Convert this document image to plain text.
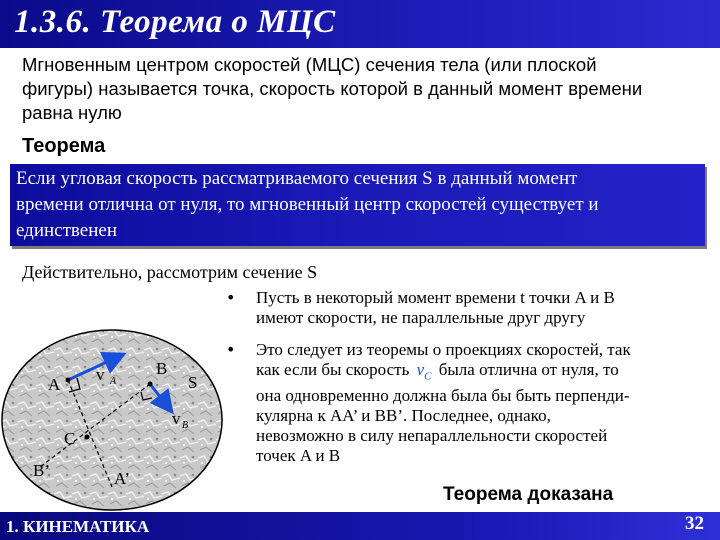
1.3.6. Теорема о МЦС
Мгновенным центром скоростей (МЦС) сечения тела (или плоской
фигуры) называется точка, скорость которой в данный момент времени
равна нулю
Теорема
Если угловая скорость рассматриваемого сечения S в данный момент
времени отлична от нуля, то мгновенный центр скоростей существует и
единственен
Действительно, рассмотрим сечение S
A
B
S
C
B’	A’
v A
v B
•	Пусть в некоторый момент времени t точки A и B
имеют скорости, не параллельные друг другу
•	Это следует из теоремы о проекциях скоростей, так
как если бы скорость $v_C$ была отлична от нуля, то
она одновременно должна была бы быть перпенди-
кулярна к AA’ и BB’. Последнее, однако,
невозможно в силу непараллельности скоростей
точек A и B
Теорема доказана
1. КИНЕМАТИКА	32
